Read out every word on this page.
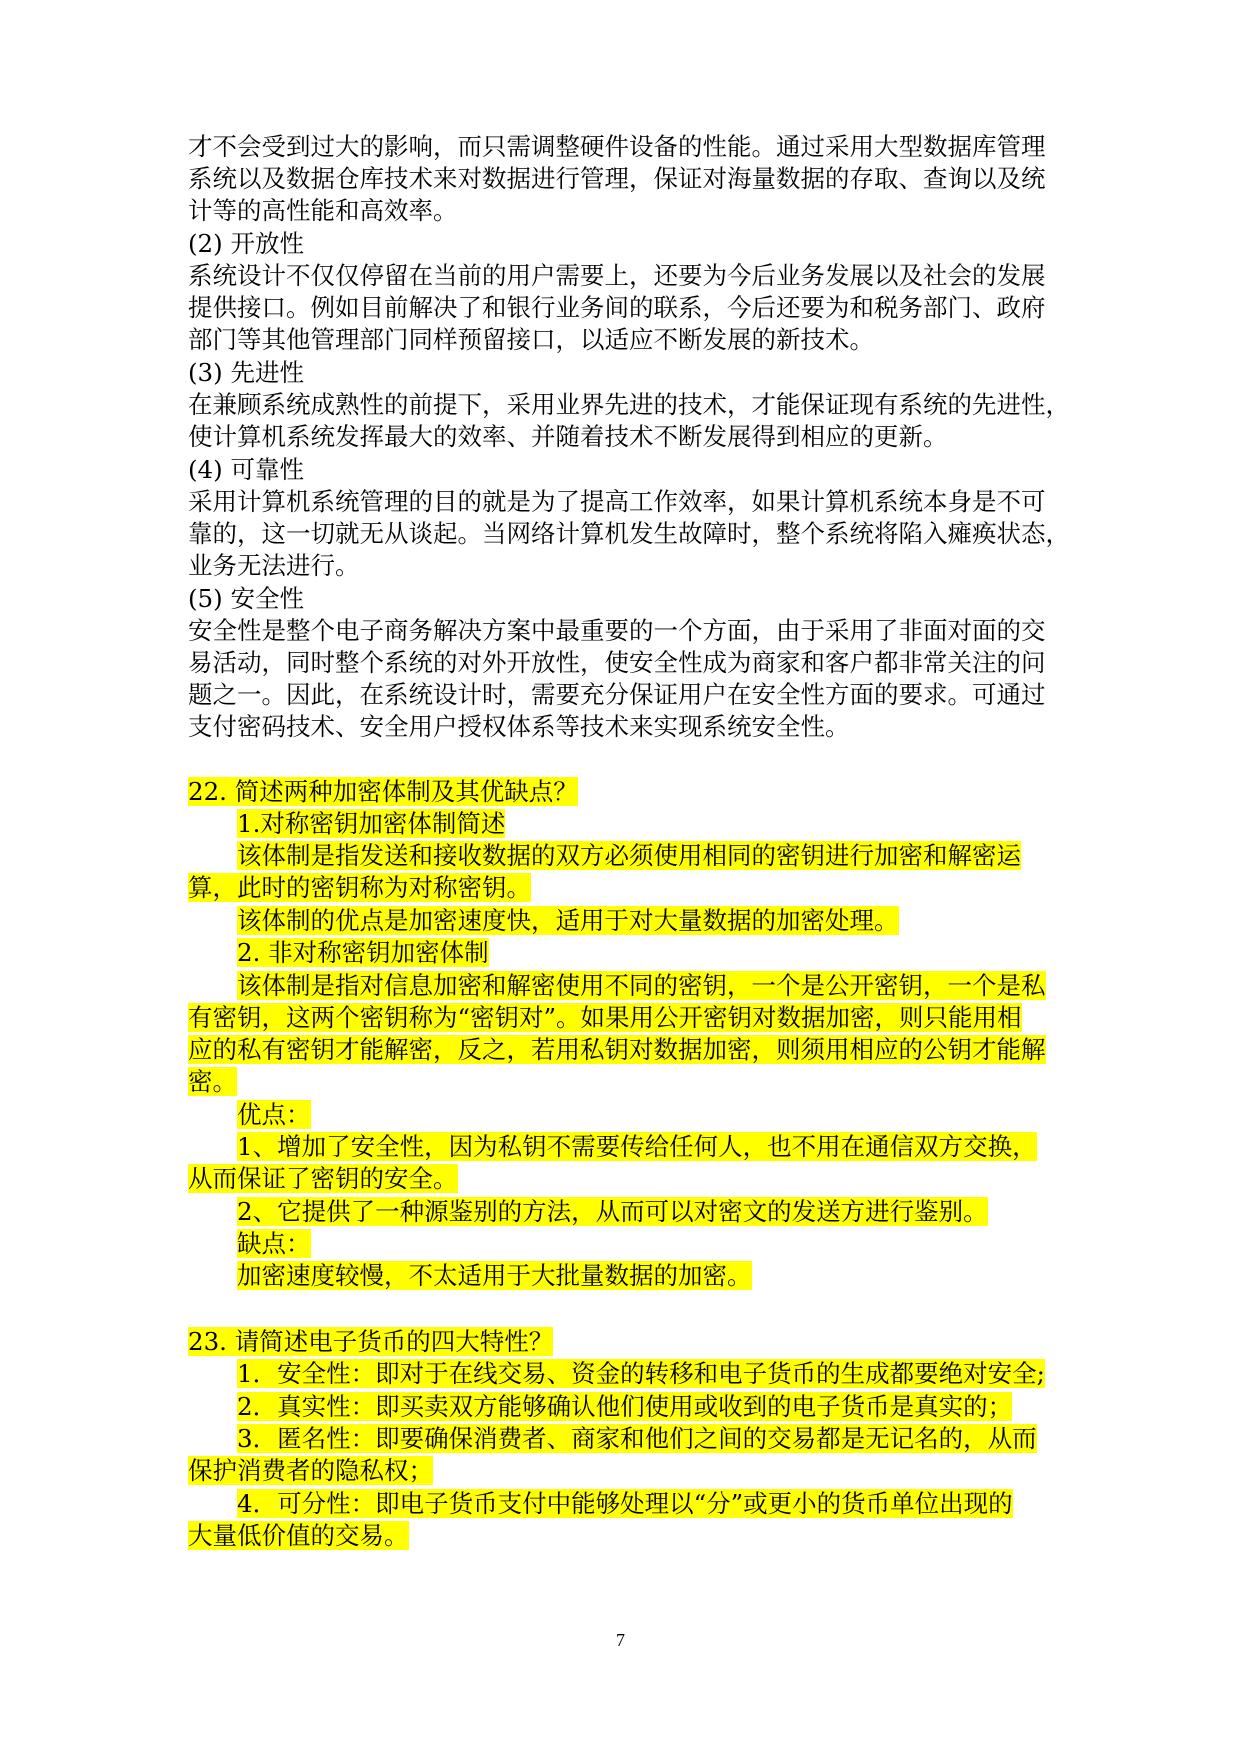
才不会受到过大的影响，而只需调整硬件设备的性能。通过采用大型数据库管理
系统以及数据仓库技术来对数据进行管理，保证对海量数据的存取、查询以及统
计等的高性能和高效率。
(2) 开放性
系统设计不仅仅停留在当前的用户需要上，还要为今后业务发展以及社会的发展
提供接口。例如目前解决了和银行业务间的联系，今后还要为和税务部门、政府
部门等其他管理部门同样预留接口，以适应不断发展的新技术。
(3) 先进性
在兼顾系统成熟性的前提下，采用业界先进的技术，才能保证现有系统的先进性，
使计算机系统发挥最大的效率、并随着技术不断发展得到相应的更新。
(4) 可靠性
采用计算机系统管理的目的就是为了提高工作效率，如果计算机系统本身是不可
靠的，这一切就无从谈起。当网络计算机发生故障时，整个系统将陷入瘫痪状态，
业务无法进行。
(5) 安全性
安全性是整个电子商务解决方案中最重要的一个方面，由于采用了非面对面的交
易活动，同时整个系统的对外开放性，使安全性成为商家和客户都非常关注的问
题之一。因此，在系统设计时，需要充分保证用户在安全性方面的要求。可通过
支付密码技术、安全用户授权体系等技术来实现系统安全性。
22. 简述两种加密体制及其优缺点？
1.对称密钥加密体制简述
该体制是指发送和接收数据的双方必须使用相同的密钥进行加密和解密运
算，此时的密钥称为对称密钥。
该体制的优点是加密速度快，适用于对大量数据的加密处理。
2. 非对称密钥加密体制
该体制是指对信息加密和解密使用不同的密钥，一个是公开密钥，一个是私
有密钥，这两个密钥称为“密钥对”。如果用公开密钥对数据加密，则只能用相
应的私有密钥才能解密，反之，若用私钥对数据加密，则须用相应的公钥才能解
密。
优点：
1、增加了安全性，因为私钥不需要传给任何人，也不用在通信双方交换，
从而保证了密钥的安全。
2、它提供了一种源鉴别的方法，从而可以对密文的发送方进行鉴别。
缺点：
加密速度较慢，不太适用于大批量数据的加密。
23. 请简述电子货币的四大特性？
1．安全性：即对于在线交易、资金的转移和电子货币的生成都要绝对安全;
2．真实性：即买卖双方能够确认他们使用或收到的电子货币是真实的；
3．匿名性：即要确保消费者、商家和他们之间的交易都是无记名的，从而
保护消费者的隐私权；
4．可分性：即电子货币支付中能够处理以“分”或更小的货币单位出现的
大量低价值的交易。
7
